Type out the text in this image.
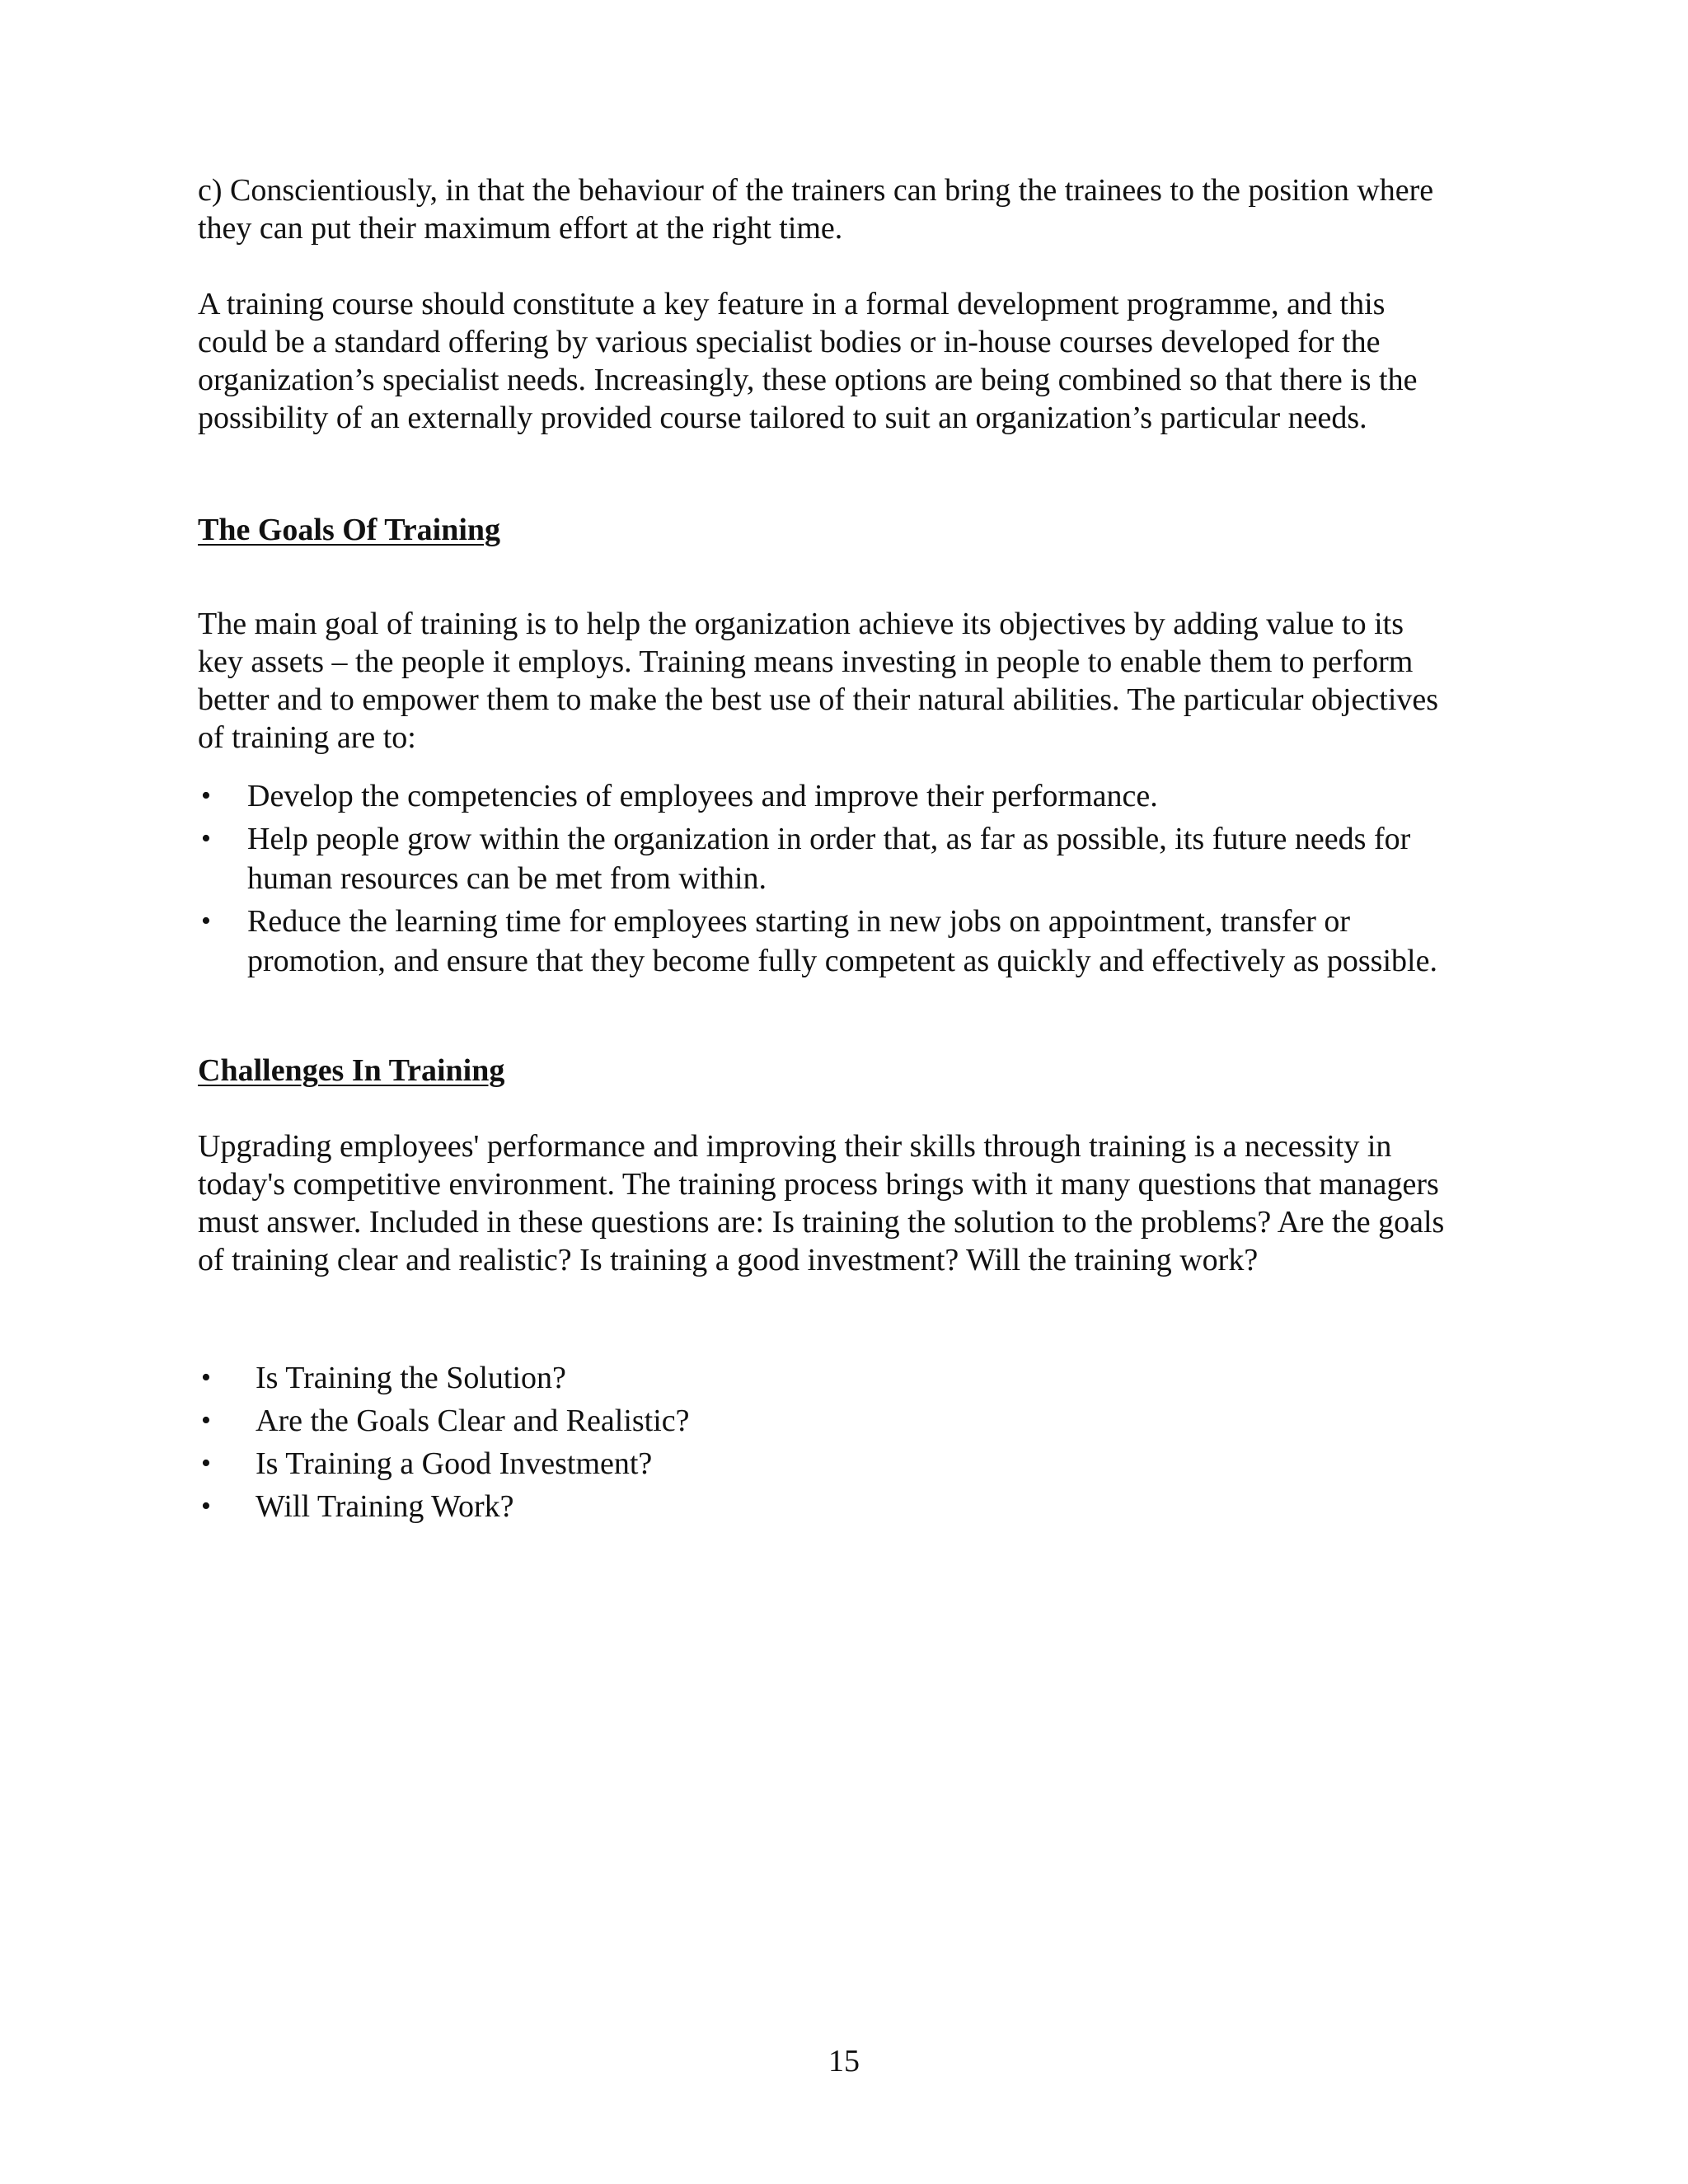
c) Conscientiously, in that the behaviour of the trainers can bring the trainees to the position where they can put their maximum effort at the right time.

A training course should constitute a key feature in a formal development programme, and this could be a standard offering by various specialist bodies or in-house courses developed for the organization’s specialist needs. Increasingly, these options are being combined so that there is the possibility of an externally provided course tailored to suit an organization’s particular needs.

The Goals Of Training

The main goal of training is to help the organization achieve its objectives by adding value to its key assets – the people it employs. Training means investing in people to enable them to perform better and to empower them to make the best use of their natural abilities. The particular objectives of training are to:

• Develop the competencies of employees and improve their performance.
• Help people grow within the organization in order that, as far as possible, its future needs for human resources can be met from within.
• Reduce the learning time for employees starting in new jobs on appointment, transfer or promotion, and ensure that they become fully competent as quickly and effectively as possible.
Challenges In Training

Upgrading employees' performance and improving their skills through training is a necessity in today's competitive environment. The training process brings with it many questions that managers must answer. Included in these questions are: Is training the solution to the problems? Are the goals of training clear and realistic? Is training a good investment? Will the training work?

• Is Training the Solution?
• Are the Goals Clear and Realistic?
• Is Training a Good Investment?
• Will Training Work?

15
